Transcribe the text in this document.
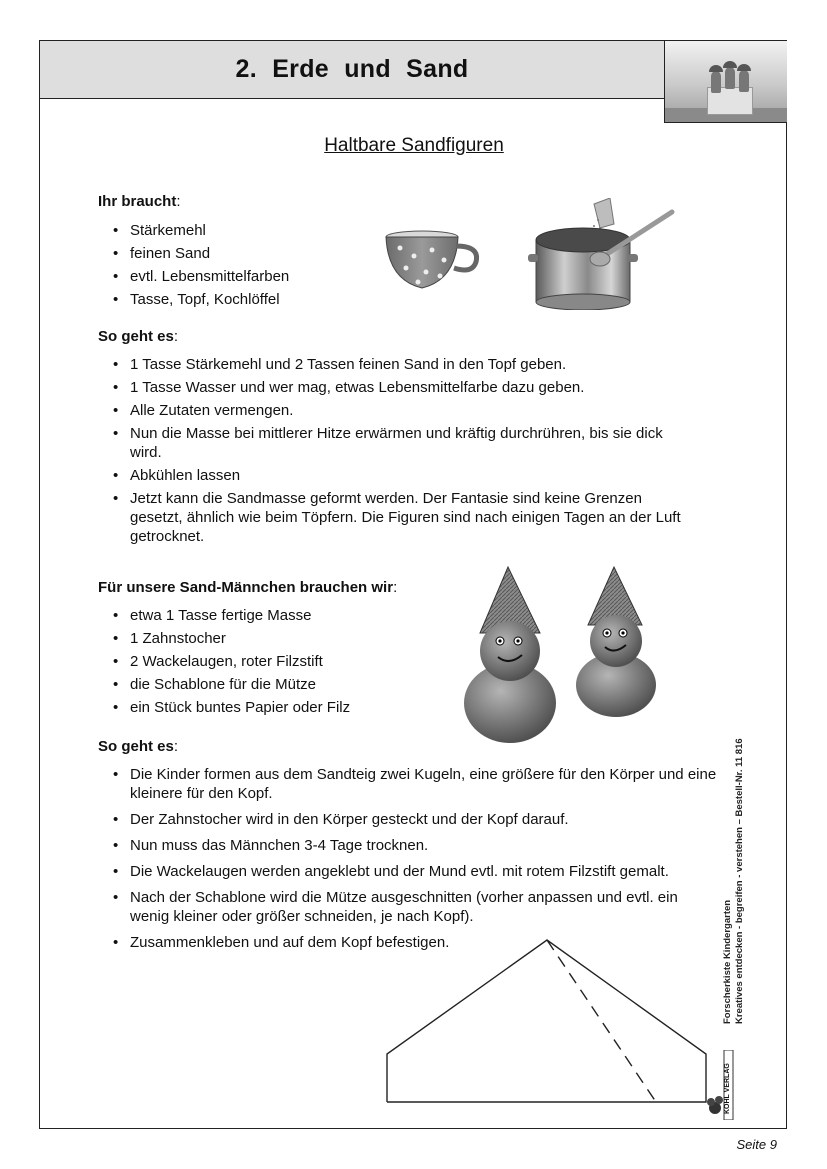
2. Erde und Sand
Haltbare Sandfiguren
Ihr braucht:
• Stärkemehl
• feinen Sand
• evtl. Lebensmittelfarben
• Tasse, Topf, Kochlöffel
So geht es:
• 1 Tasse Stärkemehl und 2 Tassen feinen Sand in den Topf geben.
• 1 Tasse Wasser und wer mag, etwas Lebensmittelfarbe dazu geben.
• Alle Zutaten vermengen.
• Nun die Masse bei mittlerer Hitze erwärmen und kräftig durchrühren, bis sie dick wird.
• Abkühlen lassen
• Jetzt kann die Sandmasse geformt werden. Der Fantasie sind keine Grenzen gesetzt, ähnlich wie beim Töpfern. Die Figuren sind nach einigen Tagen an der Luft getrocknet.
Für unsere Sand-Männchen brauchen wir:
• etwa 1 Tasse fertige Masse
• 1 Zahnstocher
• 2 Wackelaugen, roter Filzstift
• die Schablone für die Mütze
• ein Stück buntes Papier oder Filz
So geht es:
• Die Kinder formen aus dem Sandteig zwei Kugeln, eine größere für den Körper und eine kleinere für den Kopf.
• Der Zahnstocher wird in den Körper gesteckt und der Kopf darauf.
• Nun muss das Männchen 3-4 Tage trocknen.
• Die Wackelaugen werden angeklebt und der Mund evtl. mit rotem Filzstift gemalt.
• Nach der Schablone wird die Mütze ausgeschnitten (vorher anpassen und evtl. ein wenig kleiner oder größer schneiden, je nach Kopf).
• Zusammenkleben und auf dem Kopf befestigen.	Forscherkiste Kindergarten Kreatives entdecken - begreifen - verstehen – Bestell-Nr. 11 816
KOHL VERLAG
Seite 9
